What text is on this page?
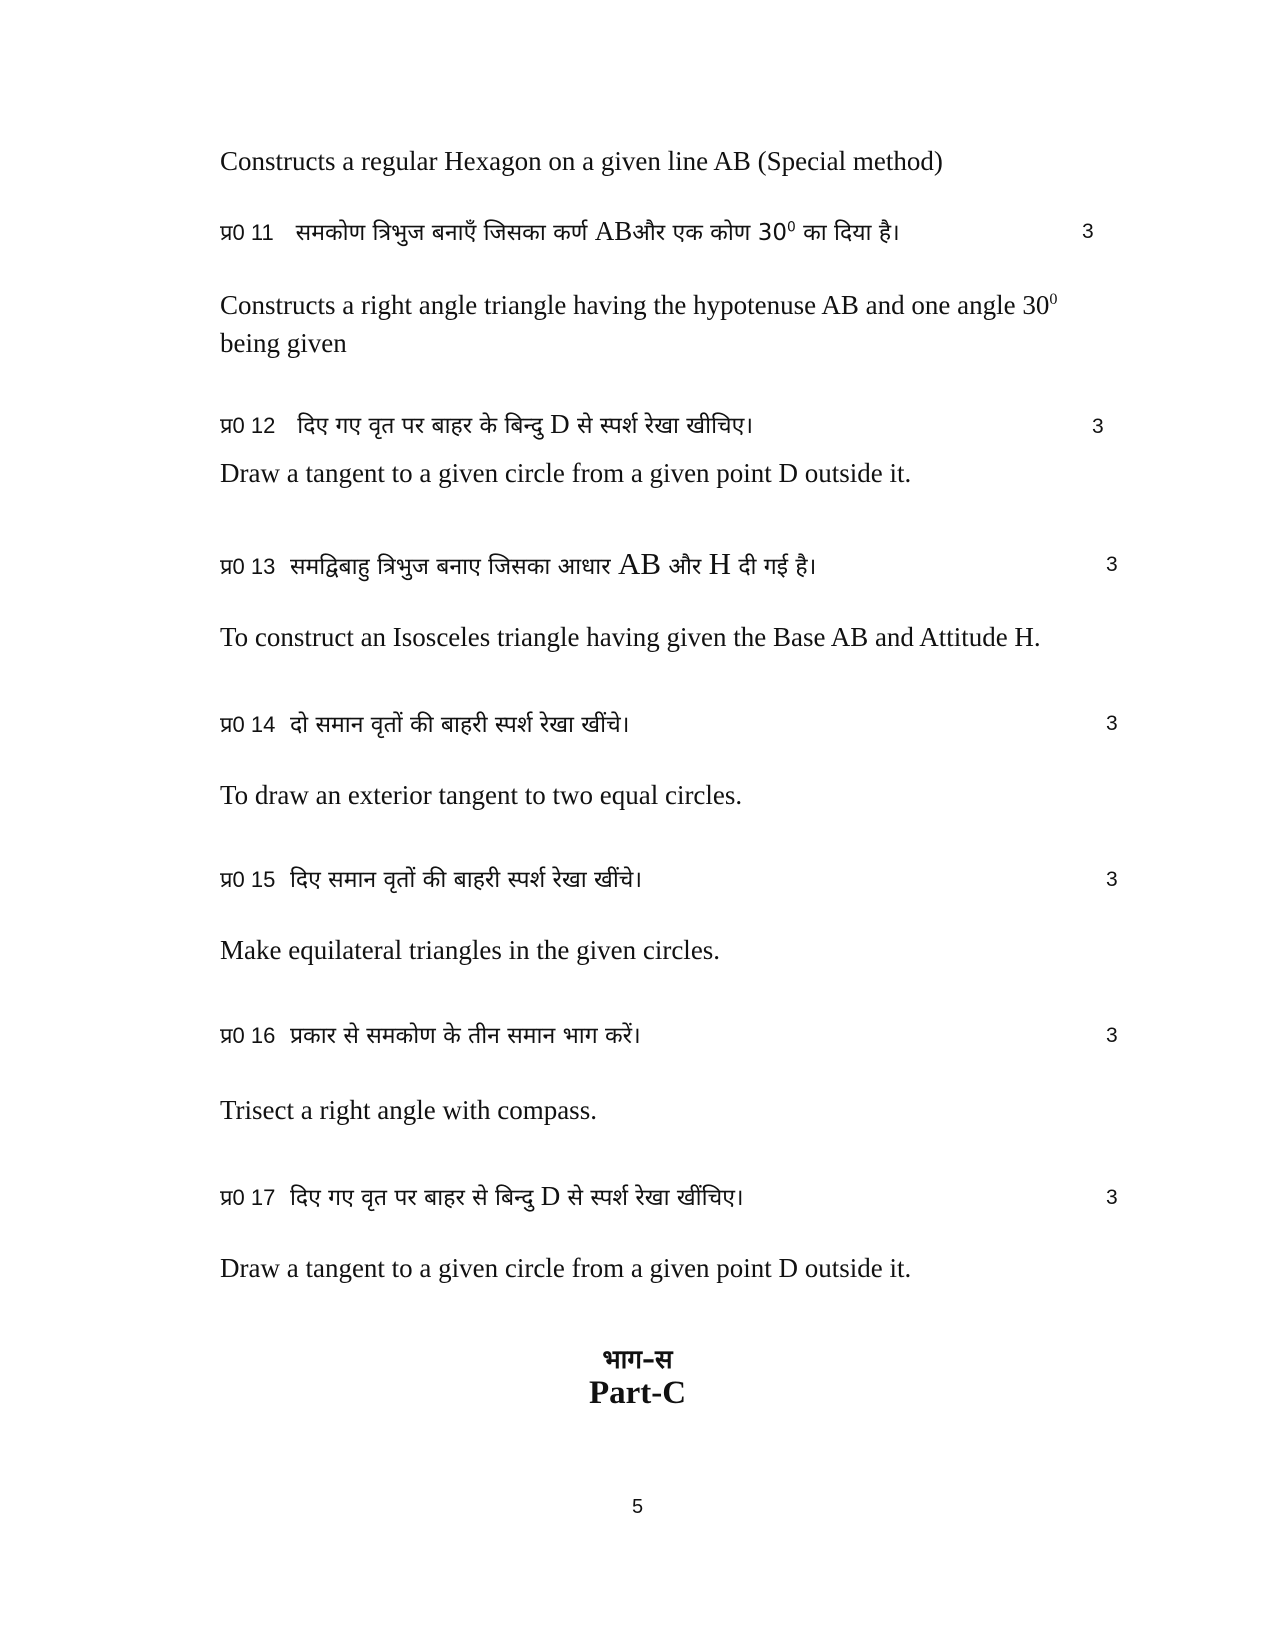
Constructs a regular Hexagon on a given line AB (Special method)
प्र0 11 समकोण त्रिभुज बनाएँ जिसका कर्ण ABऔर एक कोण $30^0$ का दिया है।	3
Constructs a right angle triangle having the hypotenuse AB and one angle $30^0$
being given
प्र0 12 दिए गए वृत पर बाहर के बिन्दु D से स्पर्श रेखा खीचिए।	3
Draw a tangent to a given circle from a given point D outside it.
प्र0 13 समद्विबाहु त्रिभुज बनाए जिसका आधार AB और H दी गई है।	3
To construct an Isosceles triangle having given the Base AB and Attitude H.
प्र0 14 दो समान वृतों की बाहरी स्पर्श रेखा खींचे।	3
To draw an exterior tangent to two equal circles.
प्र0 15 दिए समान वृतों की बाहरी स्पर्श रेखा खींचे।	3
Make equilateral triangles in the given circles.
प्र0 16 प्रकार से समकोण के तीन समान भाग करें।	3
Trisect a right angle with compass.
प्र0 17 दिए गए वृत पर बाहर से बिन्दु D से स्पर्श रेखा खींचिए।	3
Draw a tangent to a given circle from a given point D outside it.
भाग–स
Part-C
5
